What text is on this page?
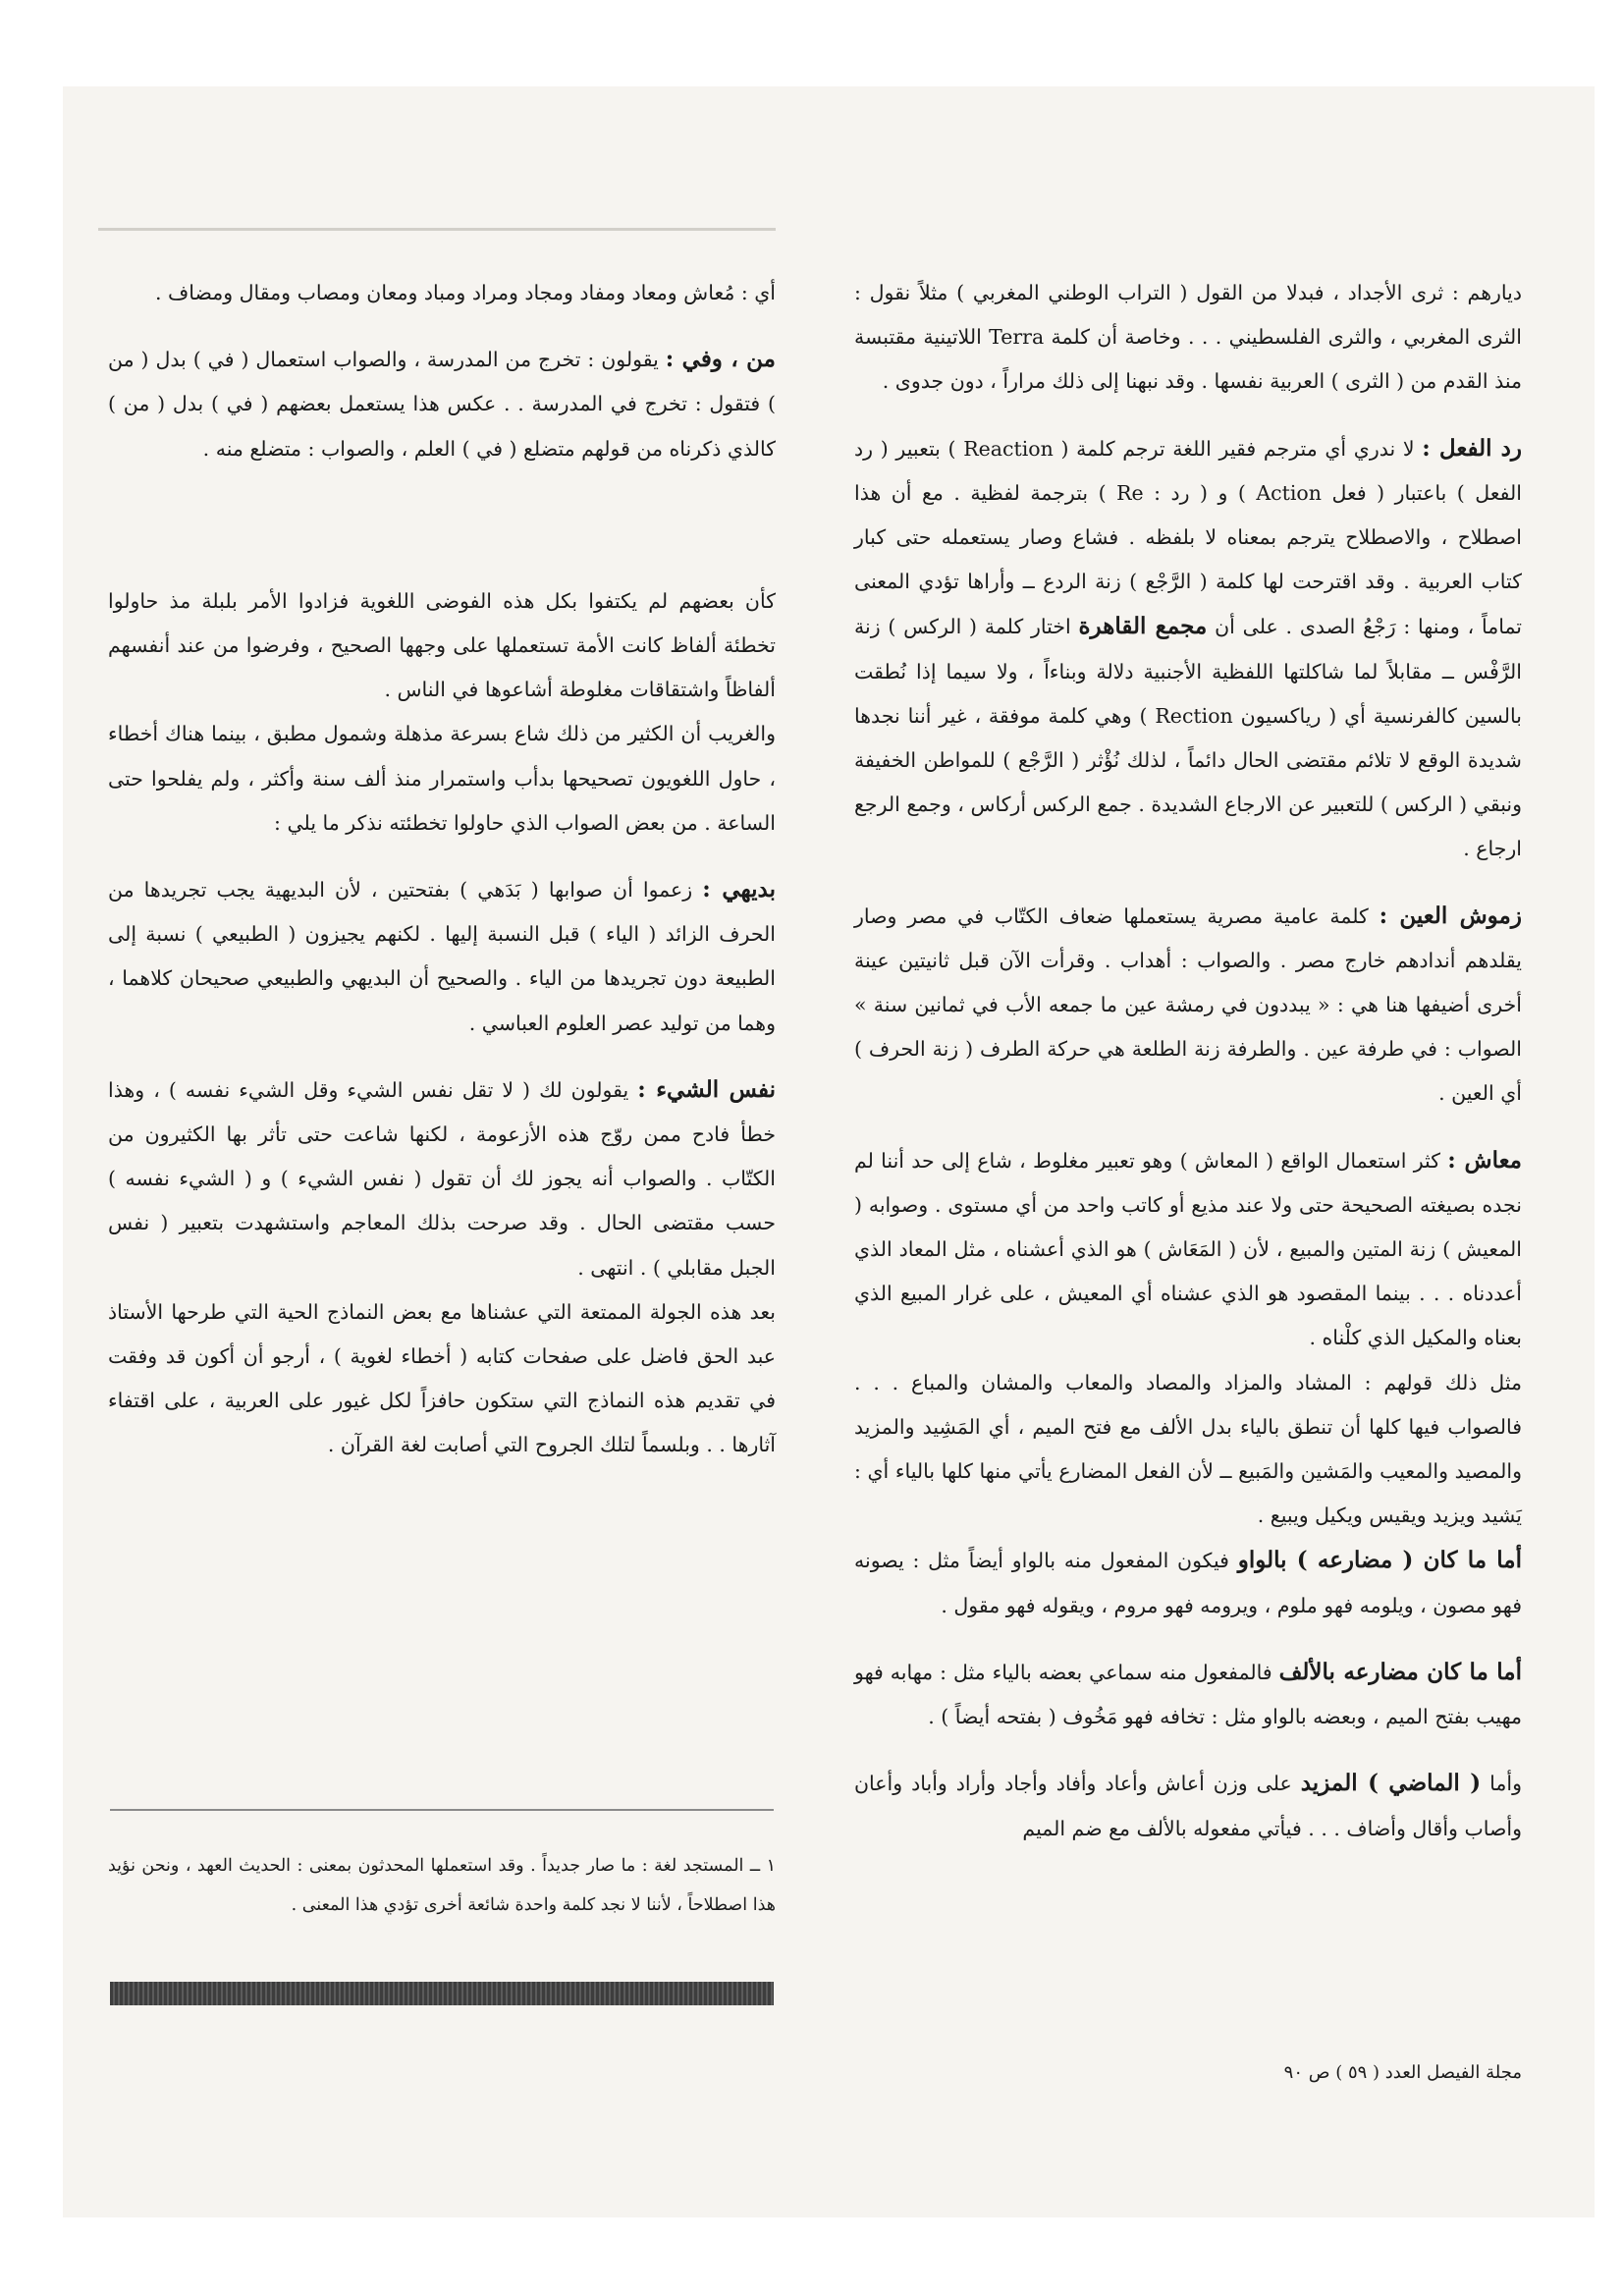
ديارهم : ثرى الأجداد ، فبدلا من القول ( التراب الوطني المغربي ) مثلاً نقول : الثرى المغربي ، والثرى الفلسطيني . . . وخاصة أن كلمة Terra اللاتينية مقتبسة منذ القدم من ( الثرى ) العربية نفسها . وقد نبهنا إلى ذلك مراراً ، دون جدوى .

رد الفعل : لا ندري أي مترجم فقير اللغة ترجم كلمة ( Reaction ) بتعبير ( رد الفعل ) باعتبار ( فعل Action ) و ( رد : Re ) بترجمة لفظية . مع أن هذا اصطلاح ، والاصطلاح يترجم بمعناه لا بلفظه . فشاع وصار يستعمله حتى كبار كتاب العربية . وقد اقترحت لها كلمة ( الرَّجْع ) زنة الردع ــ وأراها تؤدي المعنى تماماً ، ومنها : رَجْعُ الصدى . على أن مجمع القاهرة اختار كلمة ( الركس ) زنة الرَّفْس ــ مقابلاً لما شاكلتها اللفظية الأجنبية دلالة وبناءاً ، ولا سيما إذا نُطقت بالسين كالفرنسية أي ( رياكسيون Rection ) وهي كلمة موفقة ، غير أننا نجدها شديدة الوقع لا تلائم مقتضى الحال دائماً ، لذلك نُؤْثر ( الرَّجْع ) للمواطن الخفيفة ونبقي ( الركس ) للتعبير عن الارجاع الشديدة . جمع الركس أركاس ، وجمع الرجع ارجاع .

زموش العين : كلمة عامية مصرية يستعملها ضعاف الكتّاب في مصر وصار يقلدهم أندادهم خارج مصر . والصواب : أهداب . وقرأت الآن قبل ثانيتين عينة أخرى أضيفها هنا هي : « يبددون في رمشة عين ما جمعه الأب في ثمانين سنة » الصواب : في طرفة عين . والطرفة زنة الطلعة هي حركة الطرف ( زنة الحرف ) أي العين .

معاش : كثر استعمال الواقع ( المعاش ) وهو تعبير مغلوط ، شاع إلى حد أننا لم نجده بصيغته الصحيحة حتى ولا عند مذيع أو كاتب واحد من أي مستوى . وصوابه ( المعيش ) زنة المتين والمبيع ، لأن ( المَعَاش ) هو الذي أعشناه ، مثل المعاد الذي أعددناه . . . بينما المقصود هو الذي عشناه أي المعيش ، على غرار المبيع الذي بعناه والمكيل الذي كلْناه .

مثل ذلك قولهم : المشاد والمزاد والمصاد والمعاب والمشان والمباع . . . فالصواب فيها كلها أن تنطق بالياء بدل الألف مع فتح الميم ، أي المَشِيد والمزيد والمصيد والمعيب والمَشين والمَبيع ــ لأن الفعل المضارع يأتي منها كلها بالياء أي : يَشيد ويزيد ويقيس ويكيل ويبيع .

أما ما كان ( مضارعه ) بالواو فيكون المفعول منه بالواو أيضاً مثل : يصونه فهو مصون ، ويلومه فهو ملوم ، ويرومه فهو مروم ، ويقوله فهو مقول .

أما ما كان مضارعه بالألف فالمفعول منه سماعي بعضه بالياء مثل : مهابه فهو مهيب بفتح الميم ، وبعضه بالواو مثل : تخافه فهو مَخُوف ( بفتحه أيضاً ) .

وأما ( الماضي ) المزيد على وزن أعاش وأعاد وأفاد وأجاد وأراد وأباد وأعان وأصاب وأقال وأضاف . . . فيأتي مفعوله بالألف مع ضم الميم

أي : مُعاش ومعاد ومفاد ومجاد ومراد ومباد ومعان ومصاب ومقال ومضاف .

من ، وفي : يقولون : تخرج من المدرسة ، والصواب استعمال ( في ) بدل ( من ) فتقول : تخرج في المدرسة . . عكس هذا يستعمل بعضهم ( في ) بدل ( من ) كالذي ذكرناه من قولهم متضلع ( في ) العلم ، والصواب : متضلع منه .

كأن بعضهم لم يكتفوا بكل هذه الفوضى اللغوية فزادوا الأمر بلبلة مذ حاولوا تخطئة ألفاظ كانت الأمة تستعملها على وجهها الصحيح ، وفرضوا من عند أنفسهم ألفاظاً واشتقاقات مغلوطة أشاعوها في الناس .

والغريب أن الكثير من ذلك شاع بسرعة مذهلة وشمول مطبق ، بينما هناك أخطاء ، حاول اللغويون تصحيحها بدأب واستمرار منذ ألف سنة وأكثر ، ولم يفلحوا حتى الساعة . من بعض الصواب الذي حاولوا تخطئته نذكر ما يلي :

بديهي : زعموا أن صوابها ( بَدَهي ) بفتحتين ، لأن البديهية يجب تجريدها من الحرف الزائد ( الياء ) قبل النسبة إليها . لكنهم يجيزون ( الطبيعي ) نسبة إلى الطبيعة دون تجريدها من الياء . والصحيح أن البديهي والطبيعي صحيحان كلاهما ، وهما من توليد عصر العلوم العباسي .

نفس الشيء : يقولون لك ( لا تقل نفس الشيء وقل الشيء نفسه ) ، وهذا خطأ فادح ممن روّج هذه الأزعومة ، لكنها شاعت حتى تأثر بها الكثيرون من الكتّاب . والصواب أنه يجوز لك أن تقول ( نفس الشيء ) و ( الشيء نفسه ) حسب مقتضى الحال . وقد صرحت بذلك المعاجم واستشهدت بتعبير ( نفس الجبل مقابلي ) . انتهى .

بعد هذه الجولة الممتعة التي عشناها مع بعض النماذج الحية التي طرحها الأستاذ عبد الحق فاضل على صفحات كتابه ( أخطاء لغوية ) ، أرجو أن أكون قد وفقت في تقديم هذه النماذج التي ستكون حافزاً لكل غيور على العربية ، على اقتفاء آثارها . . وبلسماً لتلك الجروح التي أصابت لغة القرآن .

١ ــ المستجد لغة : ما صار جديداً . وقد استعملها المحدثون بمعنى : الحديث العهد ، ونحن نؤيد هذا اصطلاحاً ، لأننا لا نجد كلمة واحدة شائعة أخرى تؤدي هذا المعنى .
مجلة الفيصل العدد ( ٥٩ ) ص ٩٠
